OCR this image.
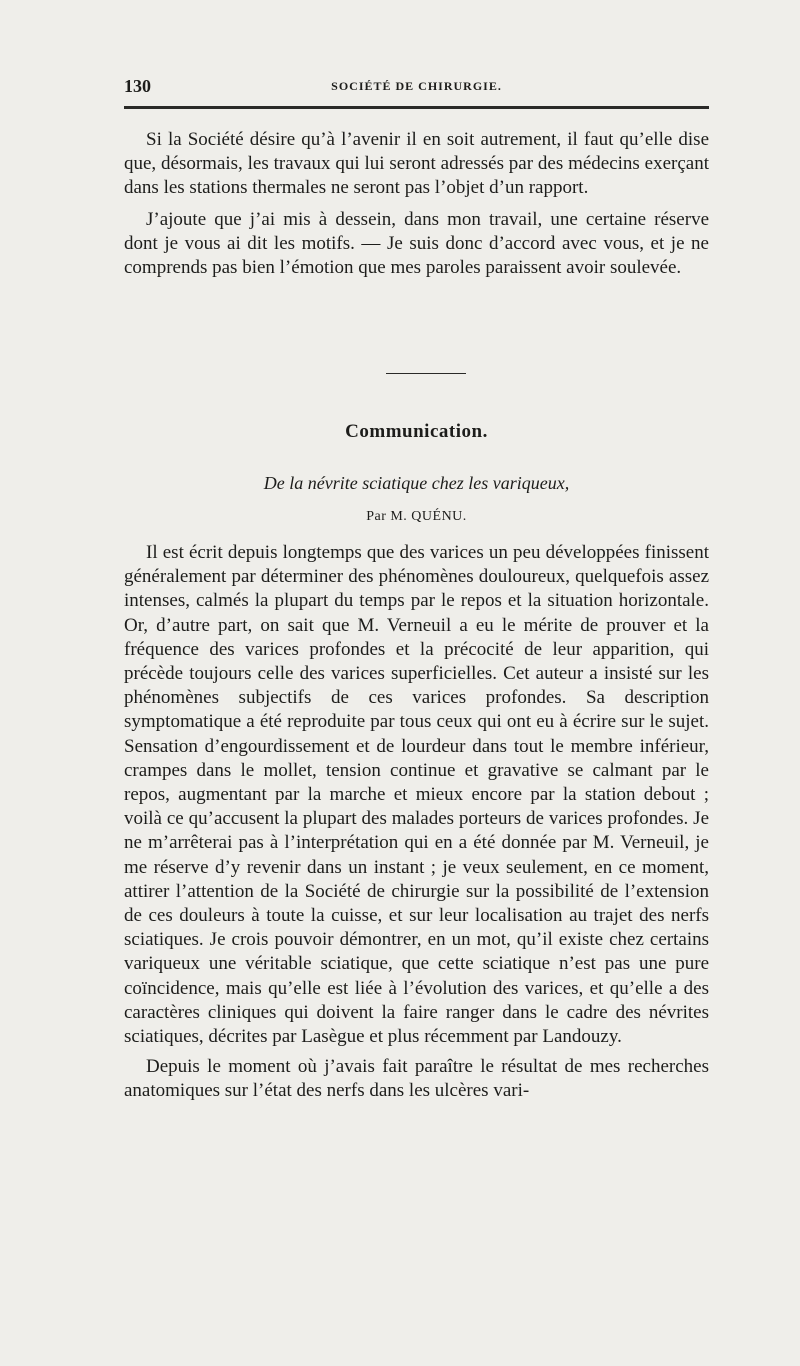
130	SOCIÉTÉ DE CHIRURGIE.

Si la Société désire qu’à l’avenir il en soit autrement, il faut qu’elle dise que, désormais, les travaux qui lui seront adressés par des médecins exerçant dans les stations thermales ne seront pas l’objet d’un rapport.

J’ajoute que j’ai mis à dessein, dans mon travail, une certaine réserve dont je vous ai dit les motifs. — Je suis donc d’accord avec vous, et je ne comprends pas bien l’émotion que mes paroles paraissent avoir soulevée.

Communication.
De la névrite sciatique chez les variqueux,
Par M. QUÉNU.

Il est écrit depuis longtemps que des varices un peu développées finissent généralement par déterminer des phénomènes douloureux, quelquefois assez intenses, calmés la plupart du temps par le repos et la situation horizontale. Or, d’autre part, on sait que M. Verneuil a eu le mérite de prouver et la fréquence des varices profondes et la précocité de leur apparition, qui précède toujours celle des varices superficielles. Cet auteur a insisté sur les phénomènes subjectifs de ces varices profondes. Sa description symptomatique a été reproduite par tous ceux qui ont eu à écrire sur le sujet. Sensation d’engourdissement et de lourdeur dans tout le membre inférieur, crampes dans le mollet, tension continue et gravative se calmant par le repos, augmentant par la marche et mieux encore par la station debout ; voilà ce qu’accusent la plupart des malades porteurs de varices profondes. Je ne m’arrêterai pas à l’interprétation qui en a été donnée par M. Verneuil, je me réserve d’y revenir dans un instant ; je veux seulement, en ce moment, attirer l’attention de la Société de chirurgie sur la possibilité de l’extension de ces douleurs à toute la cuisse, et sur leur localisation au trajet des nerfs sciatiques. Je crois pouvoir démontrer, en un mot, qu’il existe chez certains variqueux une véritable sciatique, que cette sciatique n’est pas une pure coïncidence, mais qu’elle est liée à l’évolution des varices, et qu’elle a des caractères cliniques qui doivent la faire ranger dans le cadre des névrites sciatiques, décrites par Lasègue et plus récemment par Landouzy.

Depuis le moment où j’avais fait paraître le résultat de mes recherches anatomiques sur l’état des nerfs dans les ulcères vari-
